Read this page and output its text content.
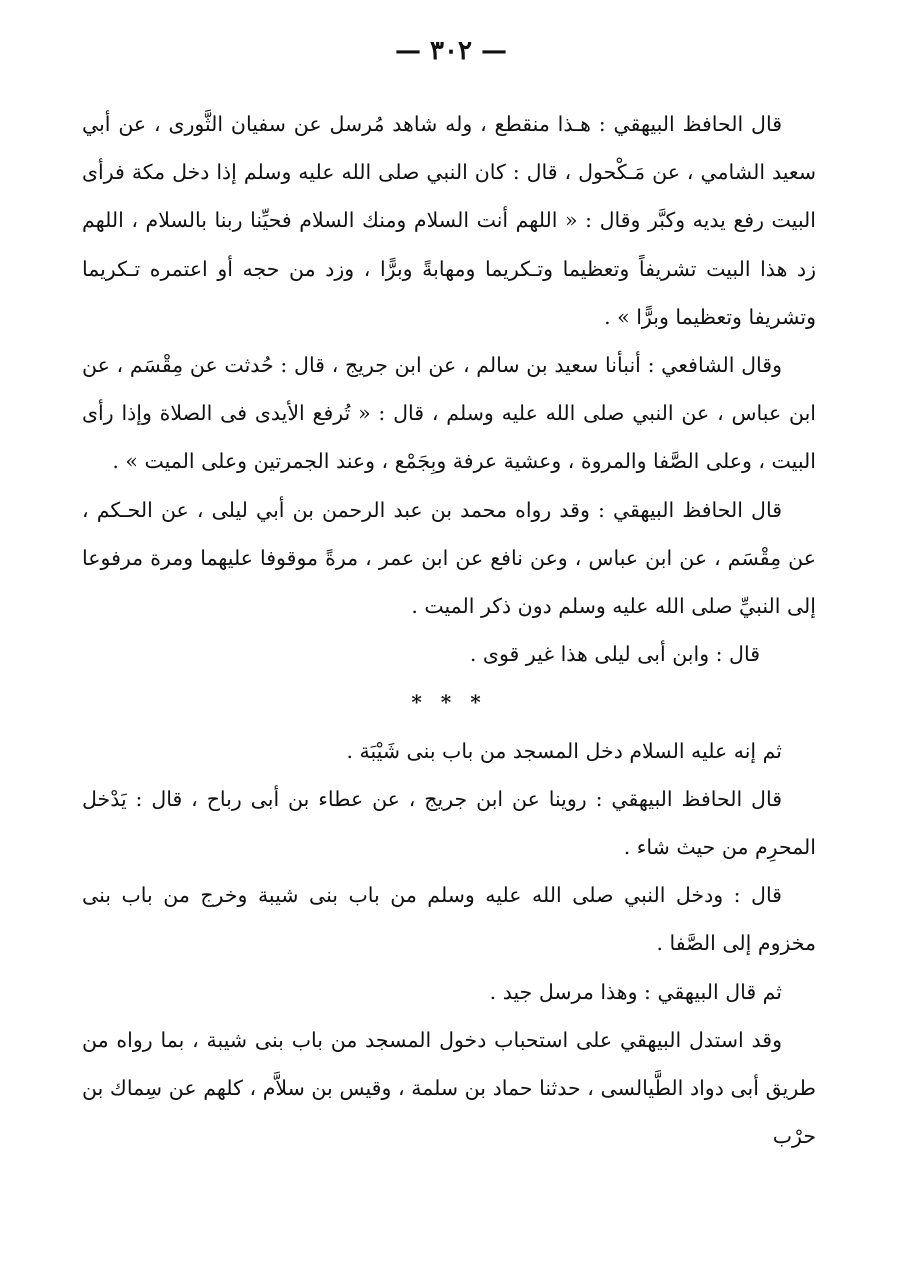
— ٣٠٢ —

قال الحافظ البيهقي : هـذا منقطع ، وله شاهد مُرسل عن سفيان الثَّورى ، عن أبي سعيد الشامي ، عن مَـكْحول ، قال : كان النبي صلى الله عليه وسلم إذا دخل مكة فرأى البيت رفع يديه وكبَّر وقال : « اللهم أنت السلام ومنك السلام فحيِّنا ربنا بالسلام ، اللهم زد هذا البيت تشريفاً وتعظيما وتـكريما ومهابةً وبرًّا ، وزد من حجه أو اعتمره تـكريما وتشريفا وتعظيما وبرًّا » .

وقال الشافعي : أنبأنا سعيد بن سالم ، عن ابن جريج ، قال : حُدثت عن مِقْسَم ، عن ابن عباس ، عن النبي صلى الله عليه وسلم ، قال : « تُرفع الأيدى فى الصلاة وإذا رأى البيت ، وعلى الصَّفا والمروة ، وعشية عرفة وبِجَمْع ، وعند الجمرتين وعلى الميت » .

قال الحافظ البيهقي : وقد رواه محمد بن عبد الرحمن بن أبي ليلى ، عن الحـكم ، عن مِقْسَم ، عن ابن عباس ، وعن نافع عن ابن عمر ، مرةً موقوفا عليهما ومرة مرفوعا إلى النبيِّ صلى الله عليه وسلم دون ذكر الميت .

قال : وابن أبى ليلى هذا غير قوى .

* * *

ثم إنه عليه السلام دخل المسجد من باب بنى شَيْبَة .

قال الحافظ البيهقي : روينا عن ابن جريج ، عن عطاء بن أبى رباح ، قال : يَدْخل المحرِم من حيث شاء .

قال : ودخل النبي صلى الله عليه وسلم من باب بنى شيبة وخرج من باب بنى مخزوم إلى الصَّفا .

ثم قال البيهقي : وهذا مرسل جيد .

وقد استدل البيهقي على استحباب دخول المسجد من باب بنى شيبة ، بما رواه من طريق أبى دواد الطَّيالسى ، حدثنا حماد بن سلمة ، وقيس بن سلاَّم ، كلهم عن سِماك بن حرْب
